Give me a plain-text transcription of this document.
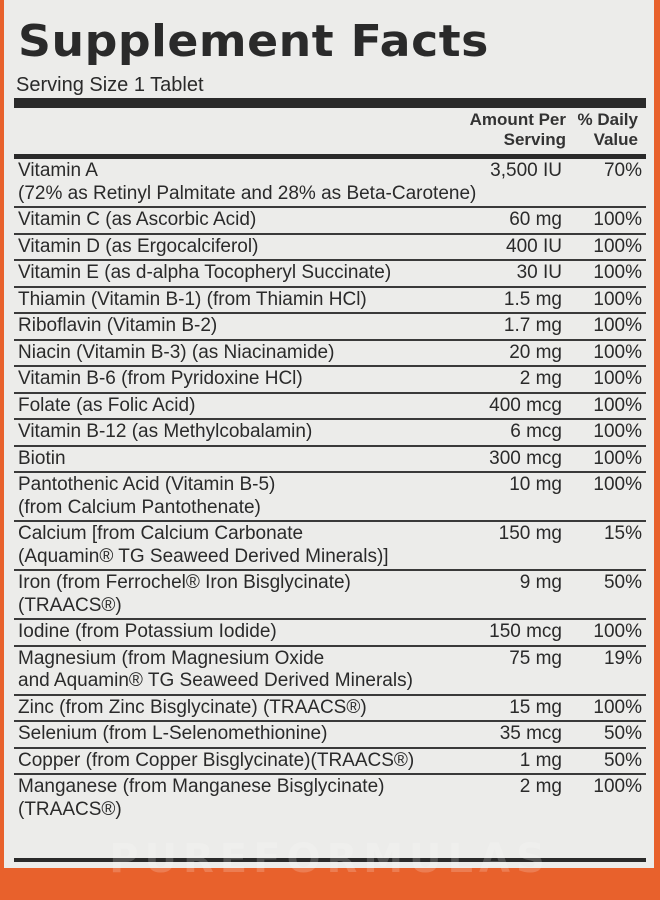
Supplement Facts
Serving Size 1 Tablet
Amount Per
Serving
% Daily
Value
Vitamin A
(72% as Retinyl Palmitate and 28% as Beta-Carotene)
3,500 IU 70%
Vitamin C (as Ascorbic Acid)	60 mg 100%
Vitamin D (as Ergocalciferol)	400 IU 100%
Vitamin E (as d-alpha Tocopheryl Succinate)	30 IU 100%
Thiamin (Vitamin B-1) (from Thiamin HCl)	1.5 mg 100%
Riboflavin (Vitamin B-2)	1.7 mg 100%
Niacin (Vitamin B-3) (as Niacinamide)	20 mg 100%
Vitamin B-6 (from Pyridoxine HCl)	2 mg 100%
Folate (as Folic Acid)	400 mcg 100%
Vitamin B-12 (as Methylcobalamin)	6 mcg 100%
Biotin	300 mcg 100%
Pantothenic Acid (Vitamin B-5)
(from Calcium Pantothenate)
10 mg 100%
Calcium [from Calcium Carbonate
(Aquamin® TG Seaweed Derived Minerals)]
150 mg 15%
Iron (from Ferrochel® Iron Bisglycinate)
(TRAACS®)
9 mg 50%
Iodine (from Potassium Iodide)	150 mcg 100%
Magnesium (from Magnesium Oxide
and Aquamin® TG Seaweed Derived Minerals)
75 mg 19%
Zinc (from Zinc Bisglycinate) (TRAACS®)	15 mg 100%
Selenium (from L-Selenomethionine)	35 mcg 50%
Copper (from Copper Bisglycinate)(TRAACS®)	1 mg 50%
Manganese (from Manganese Bisglycinate)
(TRAACS®)
2 mg 100%
